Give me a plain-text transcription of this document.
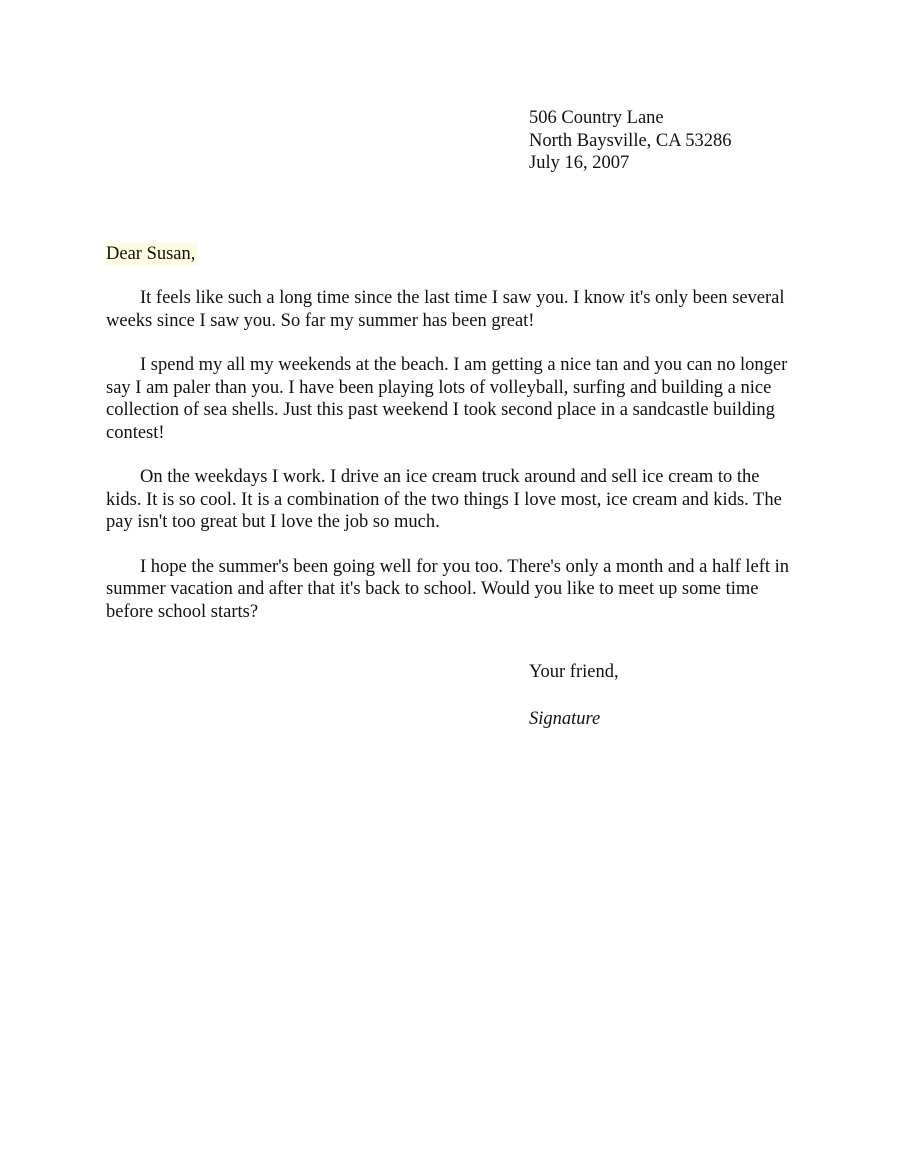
506 Country Lane
North Baysville, CA 53286
July 16, 2007
Dear Susan,

It feels like such a long time since the last time I saw you. I know it's only been several weeks since I saw you. So far my summer has been great!

I spend my all my weekends at the beach. I am getting a nice tan and you can no longer say I am paler than you. I have been playing lots of volleyball, surfing and building a nice collection of sea shells. Just this past weekend I took second place in a sandcastle building contest!

On the weekdays I work. I drive an ice cream truck around and sell ice cream to the kids. It is so cool. It is a combination of the two things I love most, ice cream and kids. The pay isn't too great but I love the job so much.

I hope the summer's been going well for you too. There's only a month and a half left in summer vacation and after that it's back to school. Would you like to meet up some time before school starts?

Your friend,
Signature
